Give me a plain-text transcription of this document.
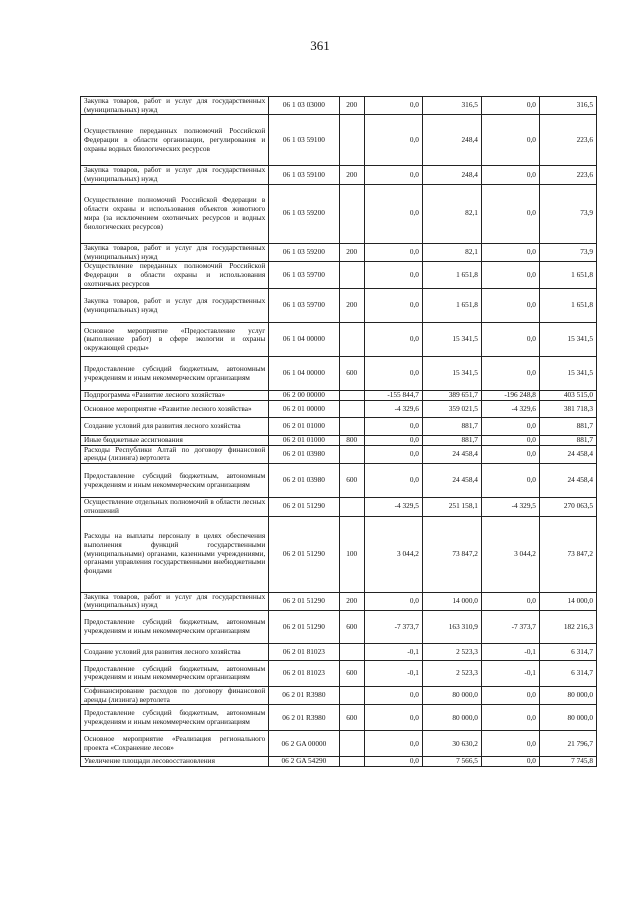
361
Закупка товаров, работ и услуг для государственных (муниципальных) нужд	06 1 03 03000	200	0,0	316,5	0,0	316,5
Осуществление переданных полномочий Российской Федерации в области организации, регулирования и охраны водных биологических ресурсов	06 1 03 59100		0,0	248,4	0,0	223,6
Закупка товаров, работ и услуг для государственных (муниципальных) нужд	06 1 03 59100	200	0,0	248,4	0,0	223,6
Осуществление полномочий Российской Федерации в области охраны и использования объектов животного мира (за исключением охотничьих ресурсов и водных биологических ресурсов)	06 1 03 59200		0,0	82,1	0,0	73,9
Закупка товаров, работ и услуг для государственных (муниципальных) нужд	06 1 03 59200	200	0,0	82,1	0,0	73,9
Осуществление переданных полномочий Российской Федерации в области охраны и использования охотничьих ресурсов	06 1 03 59700		0,0	1 651,8	0,0	1 651,8
Закупка товаров, работ и услуг для государственных (муниципальных) нужд	06 1 03 59700	200	0,0	1 651,8	0,0	1 651,8
Основное мероприятие «Предоставление услуг (выполнение работ) в сфере экологии и охраны окружающей среды»	06 1 04 00000		0,0	15 341,5	0,0	15 341,5
Предоставление субсидий бюджетным, автономным учреждениям и иным некоммерческим организациям	06 1 04 00000	600	0,0	15 341,5	0,0	15 341,5
Подпрограмма «Развитие лесного хозяйства»	06 2 00 00000		-155 844,7	389 651,7	-196 248,8	403 515,0
Основное мероприятие «Развитие лесного хозяйства»	06 2 01 00000		-4 329,6	359 021,5	-4 329,6	381 718,3
Создание условий для развития лесного хозяйства	06 2 01 01000		0,0	881,7	0,0	881,7
Иные бюджетные ассигнования	06 2 01 01000	800	0,0	881,7	0,0	881,7
Расходы Республики Алтай по договору финансовой аренды (лизинга) вертолета	06 2 01 03980		0,0	24 458,4	0,0	24 458,4
Предоставление субсидий бюджетным, автономным учреждениям и иным некоммерческим организациям	06 2 01 03980	600	0,0	24 458,4	0,0	24 458,4
Осуществление отдельных полномочий в области лесных отношений	06 2 01 51290		-4 329,5	251 158,1	-4 329,5	270 063,5
Расходы на выплаты персоналу в целях обеспечения выполнения функций государственными (муниципальными) органами, казенными учреждениями, органами управления государственными внебюджетными фондами	06 2 01 51290	100	3 044,2	73 847,2	3 044,2	73 847,2
Закупка товаров, работ и услуг для государственных (муниципальных) нужд	06 2 01 51290	200	0,0	14 000,0	0,0	14 000,0
Предоставление субсидий бюджетным, автономным учреждениям и иным некоммерческим организациям	06 2 01 51290	600	-7 373,7	163 310,9	-7 373,7	182 216,3
Создание условий для развития лесного хозяйства	06 2 01 81023		-0,1	2 523,3	-0,1	6 314,7
Предоставление субсидий бюджетным, автономным учреждениям и иным некоммерческим организациям	06 2 01 81023	600	-0,1	2 523,3	-0,1	6 314,7
Софинансирование расходов по договору финансовой аренды (лизинга) вертолета	06 2 01 R3980		0,0	80 000,0	0,0	80 000,0
Предоставление субсидий бюджетным, автономным учреждениям и иным некоммерческим организациям	06 2 01 R3980	600	0,0	80 000,0	0,0	80 000,0
Основное мероприятие «Реализация регионального проекта «Сохранение лесов»	06 2 GA 00000		0,0	30 630,2	0,0	21 796,7
Увеличение площади лесовосстановления	06 2 GA 54290		0,0	7 566,5	0,0	7 745,8
